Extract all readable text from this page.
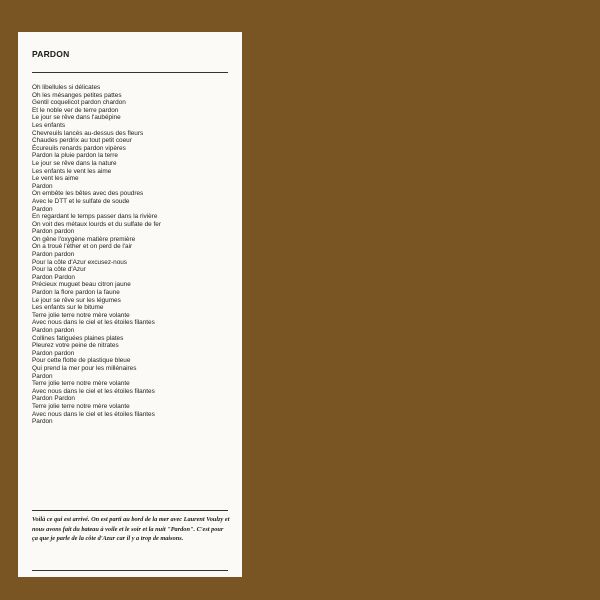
PARDON
Oh libellules si délicates
Oh les mésanges petites pattes
Gentil coquelicot pardon chardon
Et le noble ver de terre pardon
Le jour se rêve dans l'aubépine
Les enfants
Chevreuils lancés au-dessus des fleurs
Chaudes perdrix au tout petit coeur
Écureuils renards pardon vipères
Pardon la pluie pardon la terre
Le jour se rêve dans la nature
Les enfants le vent les aime
Le vent les aime
Pardon
On embête les bêtes avec des poudres
Avec le DTT et le sulfate de soude
Pardon
En regardant le temps passer dans la rivière
On voit des métaux lourds et du sulfate de fer
Pardon pardon
On gêne l'oxygène matière première
On a troué l'éther et on perd de l'air
Pardon pardon
Pour la côte d'Azur excusez-nous
Pour la côte d'Azur
Pardon Pardon
Précieux muguet beau citron jaune
Pardon la flore pardon la faune
Le jour se rêve sur les légumes
Les enfants sur le bitume
Terre jolie terre notre mère volante
Avec nous dans le ciel et les étoiles filantes
Pardon pardon
Collines fatiguées plaines plates
Pleurez votre peine de nitrates
Pardon pardon
Pour cette flotte de plastique bleue
Qui prend la mer pour les millénaires
Pardon
Terre jolie terre notre mère volante
Avec nous dans le ciel et les étoiles filantes
Pardon Pardon
Terre jolie terre notre mère volante
Avec nous dans le ciel et les étoiles filantes
Pardon

Voilà ce qui est arrivé. On est parti au bord de la mer avec Laurent Voulzy et nous avons fait du bateau à voile et le soir et la nuit "Pardon". C'est pour ça que je parle de la côte d'Azur car il y a trop de maisons.
